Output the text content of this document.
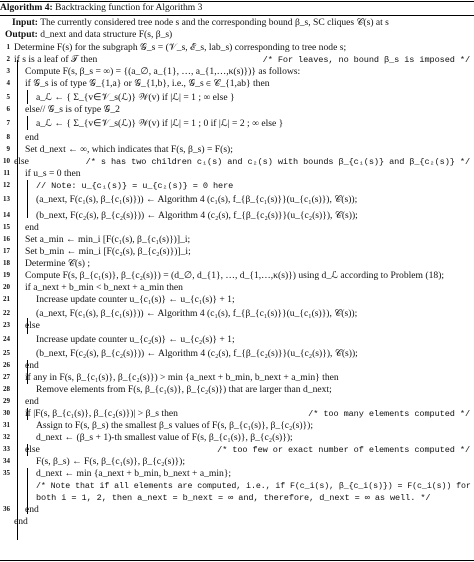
Algorithm 4: Backtracking function for Algorithm 3
Input: The currently considered tree node s and the corresponding bound β_s, SC cliques 𝒞(s) at s
Output: d_next and data structure F(s, β_s)
1 Determine F(s) for the subgraph 𝒢_s = (𝒱_s, ℰ_s, lab_s) corresponding to tree node s;
2 if s is a leaf of 𝒯 then	/* For leaves, no bound β_s is imposed */
3 Compute F(s, β_s = ∞) = {(a_∅, a_{1}, …, a_{1,…,κ(s)})} as follows:
4 if 𝒢_s is of type 𝒢_{1,a} or 𝒢_{1,b}, i.e., 𝒢_s ∈ 𝒞_{1,ab} then
5	a_ℒ ← { Σ_{v∈𝒱_s(ℒ)} 𝒲(v) if |ℒ| = 1 ; ∞ else }
6 else// 𝒢_s is of type 𝒢_2
7	a_ℒ ← { Σ_{v∈𝒱_s(ℒ)} 𝒲(v) if |ℒ| = 1 ; 0 if |ℒ| = 2 ; ∞ else }
8 end
9 Set d_next ← ∞, which indicates that F(s, β_s) = F(s);
10 else	/* s has two children c₁(s) and c₂(s) with bounds β_{c₁(s)} and β_{c₂(s)} */
11 if u_s = 0 then
12	// Note: u_{c₁(s)} = u_{c₂(s)} = 0 here
13	(a_next, F(c₁(s), β_{c₁(s)})) ← Algorithm 4 (c₁(s), f_{β_{c₁(s)}}(u_{c₁(s)}), 𝒞(s));
14	(b_next, F(c₂(s), β_{c₂(s)})) ← Algorithm 4 (c₂(s), f_{β_{c₂(s)}}(u_{c₂(s)}), 𝒞(s));
15 end
16 Set a_min ← min_i [F(c₁(s), β_{c₁(s)})]_i;
17 Set b_min ← min_i [F(c₂(s), β_{c₂(s)})]_i;
18 Determine 𝒞(s) ;
19 Compute F(s, β_{c₁(s)}, β_{c₂(s)}) = (d_∅, d_{1}, …, d_{1,…,κ(s)}) using d_ℒ according to Problem (18);
20 if a_next + b_min < b_next + a_min then
21	Increase update counter u_{c₁(s)} ← u_{c₁(s)} + 1;
22	(a_next, F(c₁(s), β_{c₁(s)})) ← Algorithm 4 (c₁(s), f_{β_{c₁(s)}}(u_{c₁(s)}), 𝒞(s));
23 else
24	Increase update counter u_{c₂(s)} ← u_{c₂(s)} + 1;
25	(b_next, F(c₂(s), β_{c₂(s)})) ← Algorithm 4 (c₂(s), f_{β_{c₂(s)}}(u_{c₂(s)}), 𝒞(s));
26 end
27 if any in F(s, β_{c₁(s)}, β_{c₂(s)}) > min {a_next + b_min, b_next + a_min} then
28	Remove elements from F(s, β_{c₁(s)}, β_{c₂(s)}) that are larger than d_next;
29 end
30 if |F(s, β_{c₁(s)}, β_{c₂(s)})| > β_s then	/* too many elements computed */
31	Assign to F(s, β_s) the smallest β_s values of F(s, β_{c₁(s)}, β_{c₂(s)});
32	d_next ← (β_s + 1)-th smallest value of F(s, β_{c₁(s)}, β_{c₂(s)});
33 else	/* too few or exact number of elements computed */
34	F(s, β_s) ← F(s, β_{c₁(s)}, β_{c₂(s)});
35	d_next ← min {a_next + b_min, b_next + a_min};
/* Note that if all elements are computed, i.e., if F(c_i(s), β_{c_i(s)}) = F(c_i(s)) for
both i = 1, 2, then a_next = b_next = ∞ and, therefore, d_next = ∞ as well. */
36 end
end
